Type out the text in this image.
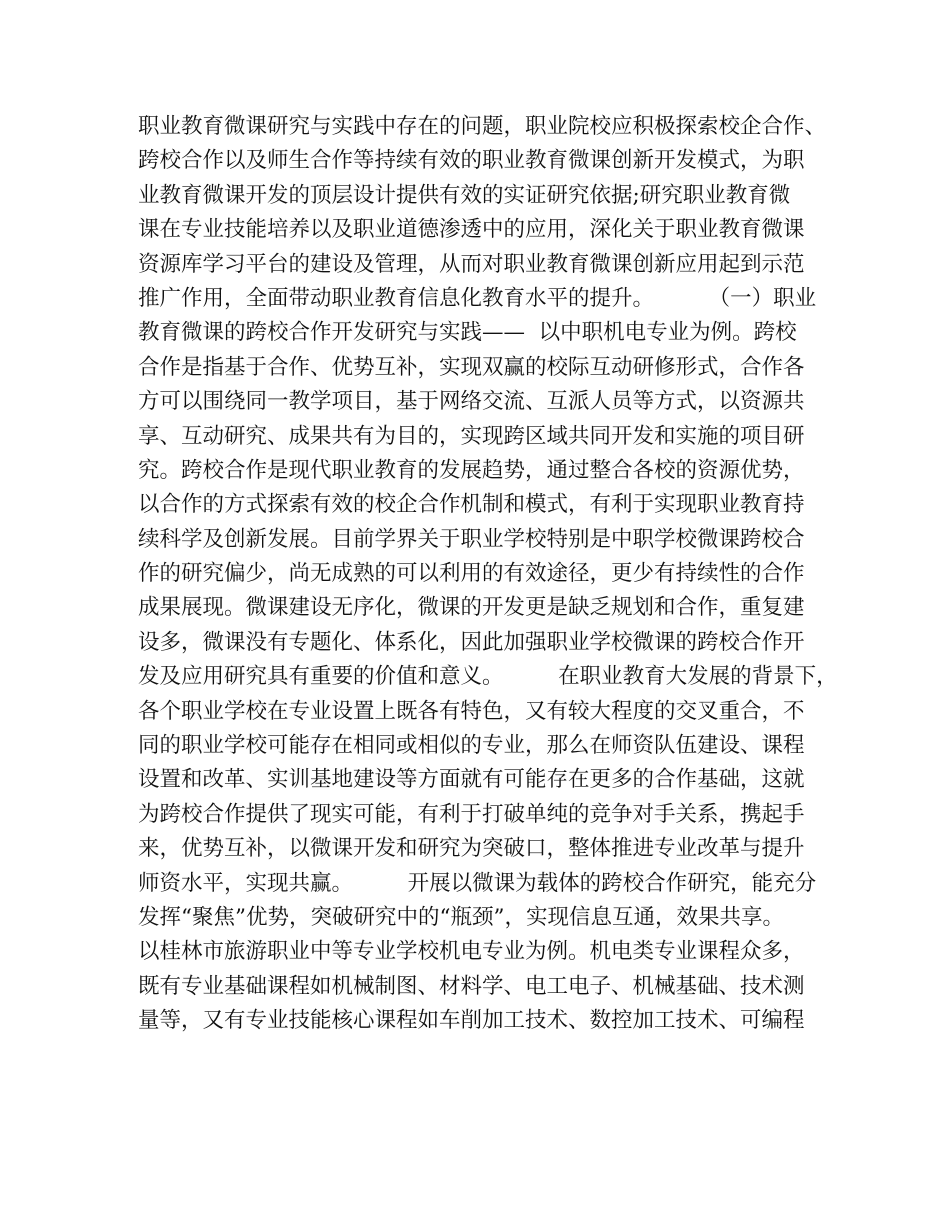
职业教育微课研究与实践中存在的问题，职业院校应积极探索校企合作、
跨校合作以及师生合作等持续有效的职业教育微课创新开发模式，为职
业教育微课开发的顶层设计提供有效的实证研究依据;研究职业教育微
课在专业技能培养以及职业道德渗透中的应用，深化关于职业教育微课
资源库学习平台的建设及管理，从而对职业教育微课创新应用起到示范
推广作用，全面带动职业教育信息化教育水平的提升。        （一）职业
教育微课的跨校合作开发研究与实践——  以中职机电专业为例。跨校
合作是指基于合作、优势互补，实现双赢的校际互动研修形式，合作各
方可以围绕同一教学项目，基于网络交流、互派人员等方式，以资源共
享、互动研究、成果共有为目的，实现跨区域共同开发和实施的项目研
究。跨校合作是现代职业教育的发展趋势，通过整合各校的资源优势，
以合作的方式探索有效的校企合作机制和模式，有利于实现职业教育持
续科学及创新发展。目前学界关于职业学校特别是中职学校微课跨校合
作的研究偏少，尚无成熟的可以利用的有效途径，更少有持续性的合作
成果展现。微课建设无序化，微课的开发更是缺乏规划和合作，重复建
设多，微课没有专题化、体系化，因此加强职业学校微课的跨校合作开
发及应用研究具有重要的价值和意义。        在职业教育大发展的背景下，
各个职业学校在专业设置上既各有特色，又有较大程度的交叉重合，不
同的职业学校可能存在相同或相似的专业，那么在师资队伍建设、课程
设置和改革、实训基地建设等方面就有可能存在更多的合作基础，这就
为跨校合作提供了现实可能，有利于打破单纯的竞争对手关系，携起手
来，优势互补，以微课开发和研究为突破口，整体推进专业改革与提升
师资水平，实现共赢。        开展以微课为载体的跨校合作研究，能充分
发挥“聚焦”优势，突破研究中的“瓶颈”，实现信息互通，效果共享。
以桂林市旅游职业中等专业学校机电专业为例。机电类专业课程众多，
既有专业基础课程如机械制图、材料学、电工电子、机械基础、技术测
量等，又有专业技能核心课程如车削加工技术、数控加工技术、可编程
